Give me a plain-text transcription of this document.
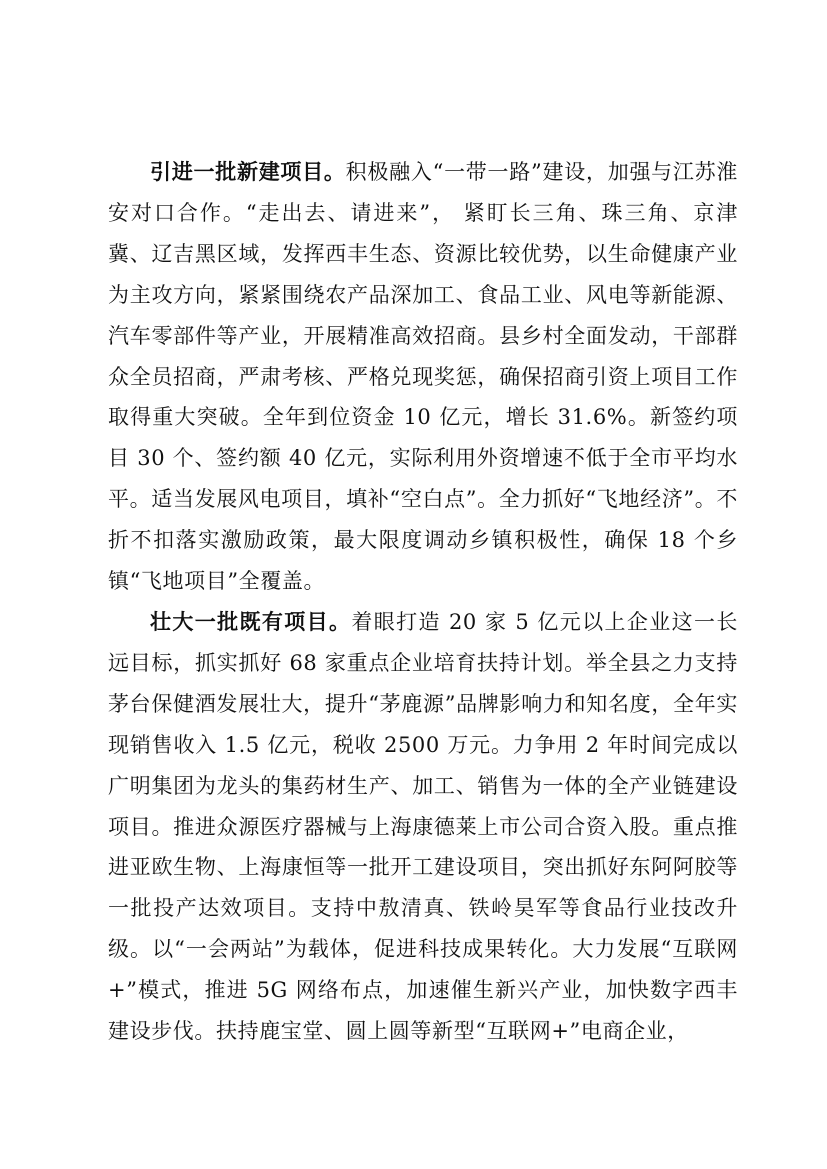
引进一批新建项目。积极融入“一带一路”建设，加强与江苏淮安对口合作。“走出去、请进来”， 紧盯长三角、珠三角、京津冀、辽吉黑区域，发挥西丰生态、资源比较优势，以生命健康产业为主攻方向，紧紧围绕农产品深加工、食品工业、风电等新能源、汽车零部件等产业，开展精准高效招商。县乡村全面发动，干部群众全员招商，严肃考核、严格兑现奖惩，确保招商引资上项目工作取得重大突破。全年到位资金 10 亿元，增长 31.6%。新签约项目 30 个、签约额 40 亿元，实际利用外资增速不低于全市平均水平。适当发展风电项目，填补“空白点”。全力抓好“飞地经济”。不折不扣落实激励政策，最大限度调动乡镇积极性，确保 18 个乡镇“飞地项目”全覆盖。

壮大一批既有项目。着眼打造 20 家 5 亿元以上企业这一长远目标，抓实抓好 68 家重点企业培育扶持计划。举全县之力支持茅台保健酒发展壮大，提升“茅鹿源”品牌影响力和知名度，全年实现销售收入 1.5 亿元，税收 2500 万元。力争用 2 年时间完成以广明集团为龙头的集药材生产、加工、销售为一体的全产业链建设项目。推进众源医疗器械与上海康德莱上市公司合资入股。重点推进亚欧生物、上海康恒等一批开工建设项目，突出抓好东阿阿胶等一批投产达效项目。支持中敖清真、铁岭昊军等食品行业技改升级。以“一会两站”为载体，促进科技成果转化。大力发展“互联网+”模式，推进 5G 网络布点，加速催生新兴产业，加快数字西丰建设步伐。扶持鹿宝堂、圆上圆等新型“互联网+”电商企业，
